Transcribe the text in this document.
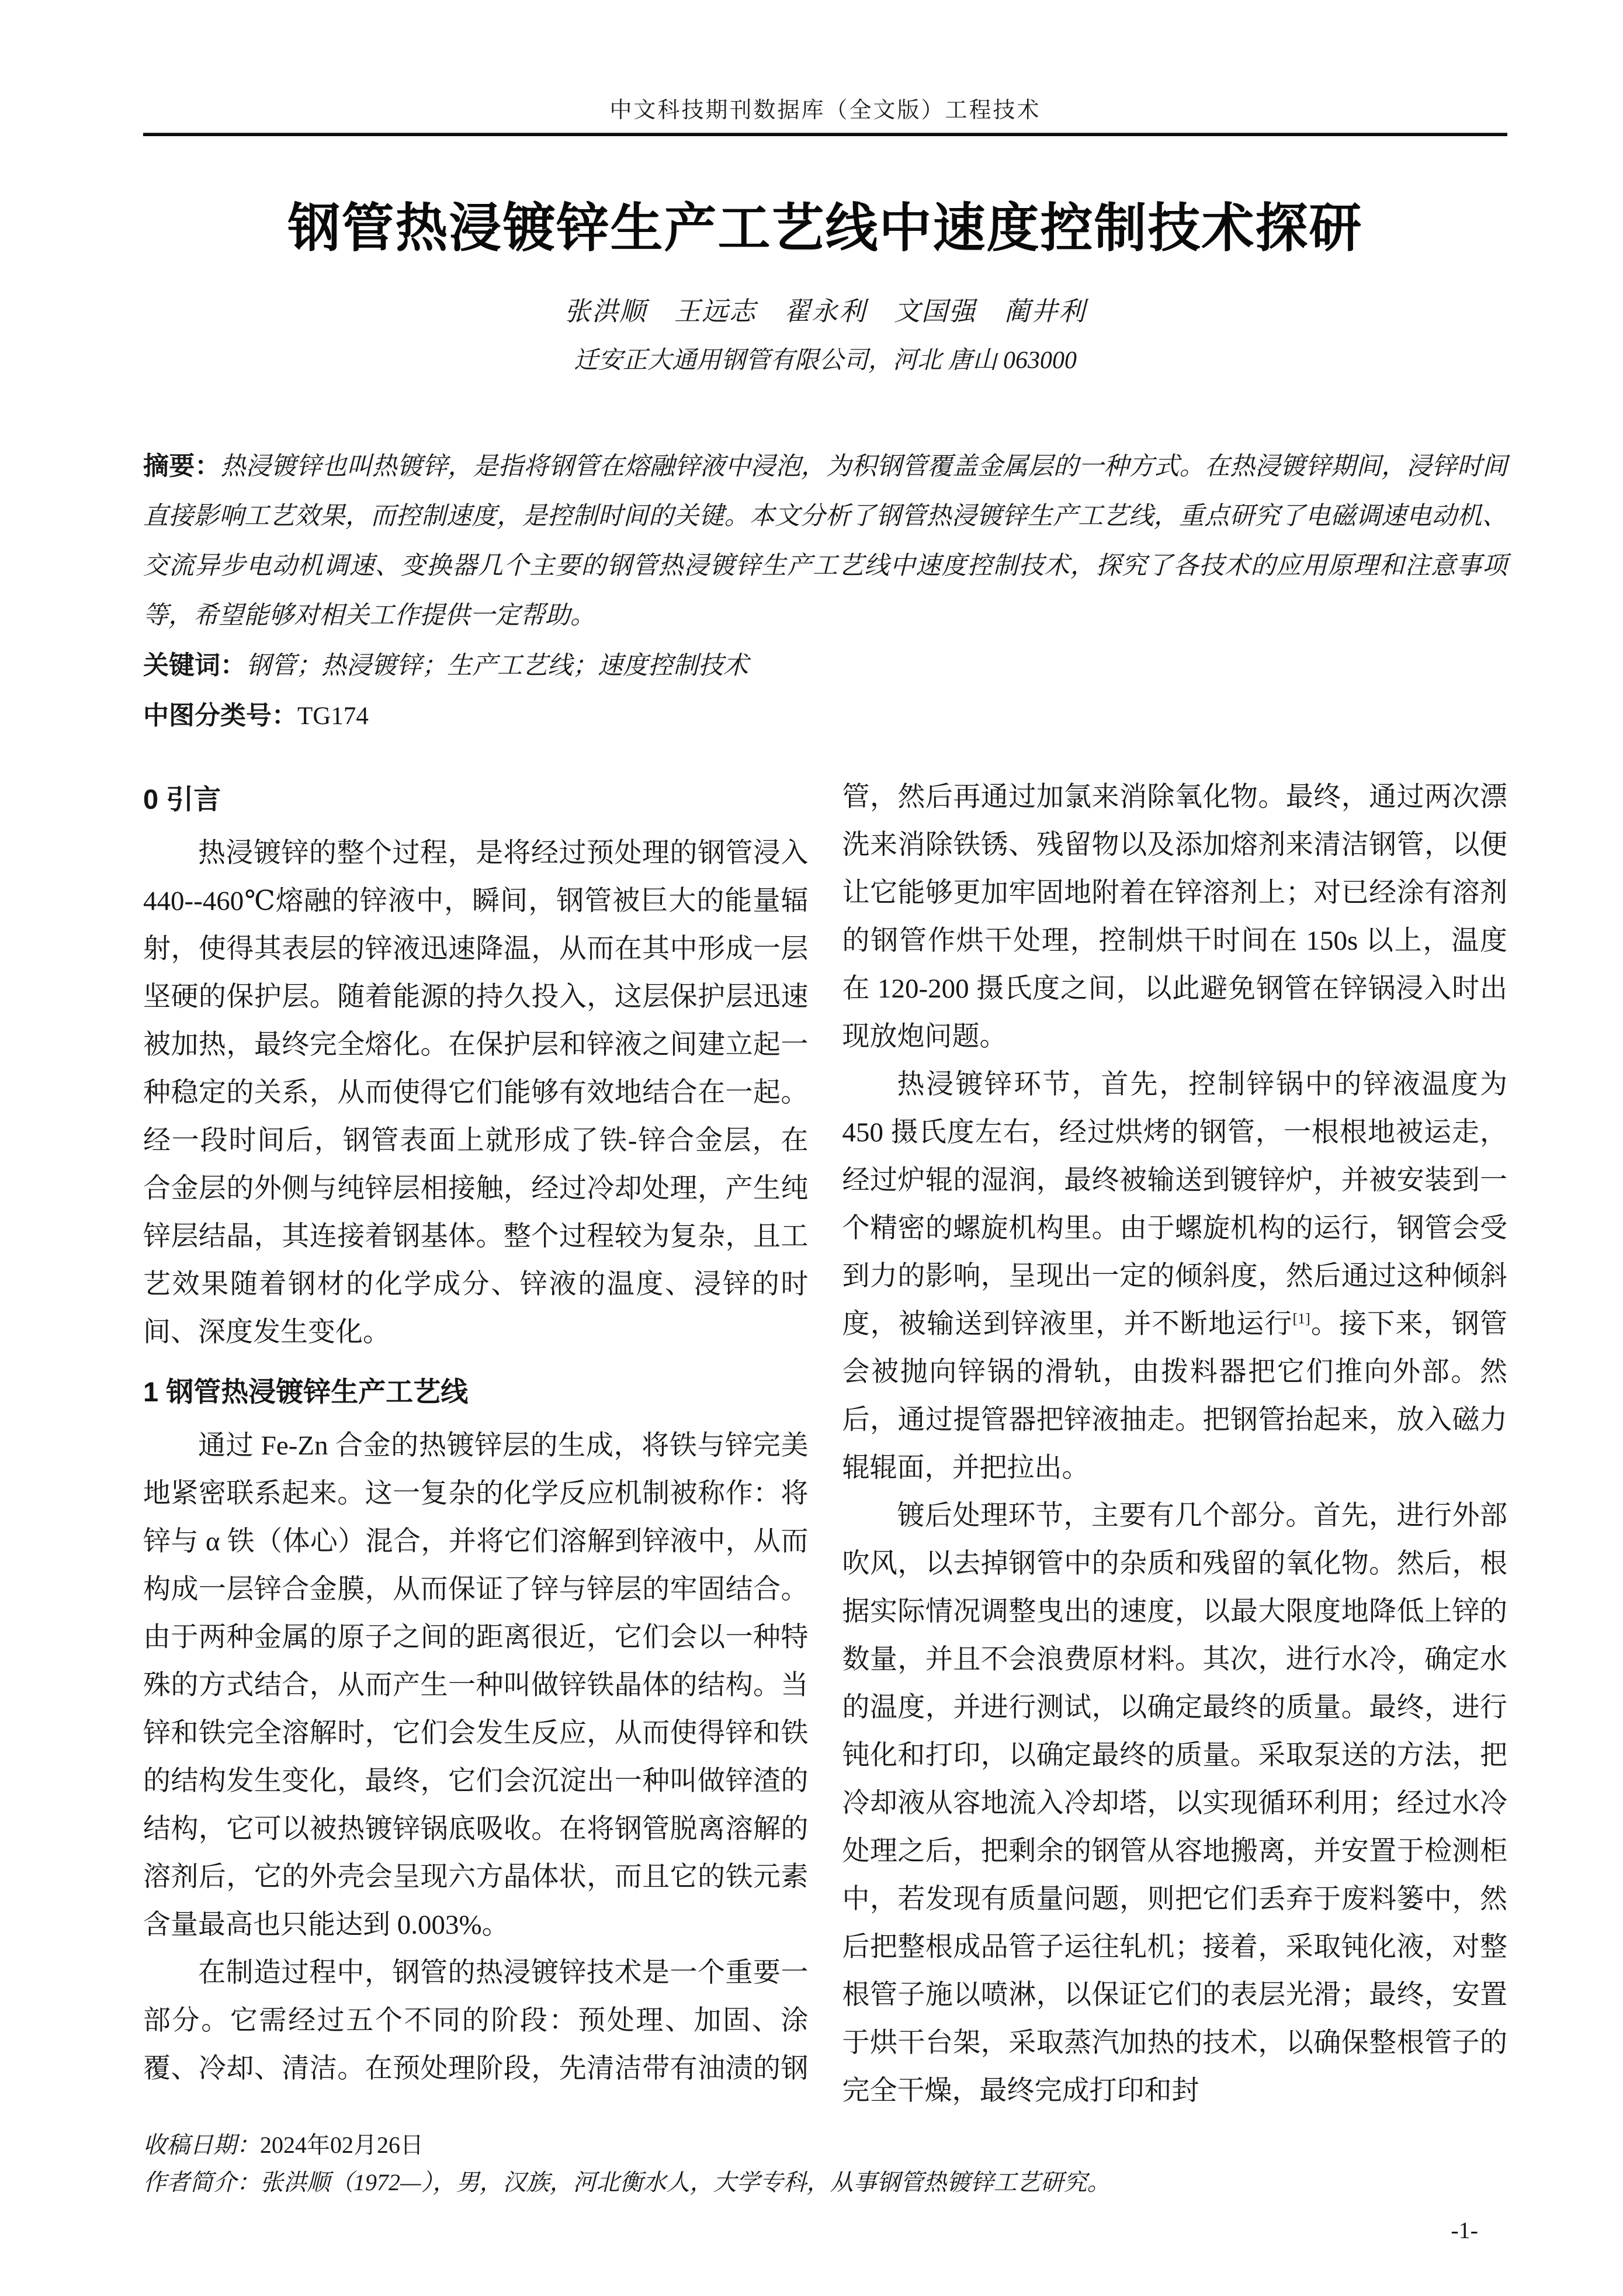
中文科技期刊数据库（全文版）工程技术
钢管热浸镀锌生产工艺线中速度控制技术探研
张洪顺　王远志　翟永利　文国强　蔺井利
迁安正大通用钢管有限公司，河北 唐山 063000

摘要：热浸镀锌也叫热镀锌，是指将钢管在熔融锌液中浸泡，为积钢管覆盖金属层的一种方式。在热浸镀锌期间，浸锌时间直接影响工艺效果，而控制速度，是控制时间的关键。本文分析了钢管热浸镀锌生产工艺线，重点研究了电磁调速电动机、交流异步电动机调速、变换器几个主要的钢管热浸镀锌生产工艺线中速度控制技术，探究了各技术的应用原理和注意事项等，希望能够对相关工作提供一定帮助。

关键词：钢管；热浸镀锌；生产工艺线；速度控制技术

中图分类号：TG174

0 引言

热浸镀锌的整个过程，是将经过预处理的钢管浸入 440--460℃熔融的锌液中，瞬间，钢管被巨大的能量辐射，使得其表层的锌液迅速降温，从而在其中形成一层坚硬的保护层。随着能源的持久投入，这层保护层迅速被加热，最终完全熔化。在保护层和锌液之间建立起一种稳定的关系，从而使得它们能够有效地结合在一起。经一段时间后，钢管表面上就形成了铁-锌合金层，在合金层的外侧与纯锌层相接触，经过冷却处理，产生纯锌层结晶，其连接着钢基体。整个过程较为复杂，且工艺效果随着钢材的化学成分、锌液的温度、浸锌的时间、深度发生变化。

1 钢管热浸镀锌生产工艺线

通过 Fe-Zn 合金的热镀锌层的生成，将铁与锌完美地紧密联系起来。这一复杂的化学反应机制被称作：将锌与 α 铁（体心）混合，并将它们溶解到锌液中，从而构成一层锌合金膜，从而保证了锌与锌层的牢固结合。由于两种金属的原子之间的距离很近，它们会以一种特殊的方式结合，从而产生一种叫做锌铁晶体的结构。当锌和铁完全溶解时，它们会发生反应，从而使得锌和铁的结构发生变化，最终，它们会沉淀出一种叫做锌渣的结构，它可以被热镀锌锅底吸收。在将钢管脱离溶解的溶剂后，它的外壳会呈现六方晶体状，而且它的铁元素含量最高也只能达到 0.003%。

在制造过程中，钢管的热浸镀锌技术是一个重要一部分。它需经过五个不同的阶段：预处理、加固、涂覆、冷却、清洁。在预处理阶段，先清洁带有油渍的钢管，然后再通过加氯来消除氧化物。最终，通过两次漂洗来消除铁锈、残留物以及添加熔剂来清洁钢管，以便让它能够更加牢固地附着在锌溶剂上；对已经涂有溶剂的钢管作烘干处理，控制烘干时间在 150s 以上，温度在 120-200 摄氏度之间，以此避免钢管在锌锅浸入时出现放炮问题。

热浸镀锌环节，首先，控制锌锅中的锌液温度为 450 摄氏度左右，经过烘烤的钢管，一根根地被运走，经过炉辊的湿润，最终被输送到镀锌炉，并被安装到一个精密的螺旋机构里。由于螺旋机构的运行，钢管会受到力的影响，呈现出一定的倾斜度，然后通过这种倾斜度，被输送到锌液里，并不断地运行[1]。接下来，钢管会被抛向锌锅的滑轨，由拨料器把它们推向外部。然后，通过提管器把锌液抽走。把钢管抬起来，放入磁力辊辊面，并把拉出。

镀后处理环节，主要有几个部分。首先，进行外部吹风，以去掉钢管中的杂质和残留的氧化物。然后，根据实际情况调整曳出的速度，以最大限度地降低上锌的数量，并且不会浪费原材料。其次，进行水冷，确定水的温度，并进行测试，以确定最终的质量。最终，进行钝化和打印，以确定最终的质量。采取泵送的方法，把冷却液从容地流入冷却塔，以实现循环利用；经过水冷处理之后，把剩余的钢管从容地搬离，并安置于检测柜中，若发现有质量问题，则把它们丢弃于废料篓中，然后把整根成品管子运往轧机；接着，采取钝化液，对整根管子施以喷淋，以保证它们的表层光滑；最终，安置于烘干台架，采取蒸汽加热的技术，以确保整根管子的完全干燥，最终完成打印和封

收稿日期：2024年02月26日

作者简介：张洪顺（1972—），男，汉族，河北衡水人，大学专科，从事钢管热镀锌工艺研究。

-1-
